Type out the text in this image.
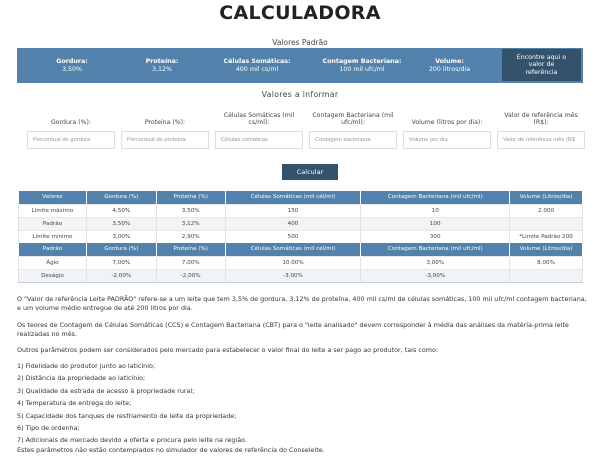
CALCULADORA
Valores Padrão
Gordura:
3,50%
Proteína:
3,12%
Células Somáticas:
400 mil cs/ml
Contagem Bacteriana:
100 mil ufc/ml
Volume:
200 litros/dia
Encontre aqui o valor de referência
Valores a informar
Gordura (%):
Percentual de gordura	Proteína (%):
Percentual de proteína
Células Somáticas (mil cs/ml):
Células somáticas
Contagem Bacteriana (mil ufc/ml):
Contagem bacteriana	Volume (litros por dia):
Volume por dia
Valor de referência mês (R$):
Valor de referência mês (R$
Calcular
Valores	Gordura (%)	Proteína (%)	Células Somáticas (mil cél/ml)	Contagem Bacteriana (mil ufc/ml)	Volume (Litros/dia)
Limite máximo	4,50%	3,50%	150	10	2.000
Padrão	3,50%	3,12%	400	100	
Limite mínimo	3,00%	2,90%	500	300	*Limite Padrão 200
Padrão	Gordura (%)	Proteína (%)	Células Somáticas (mil cél/ml)	Contagem Bacteriana (mil ufc/ml)	Volume (Litros/dia)
Ágio	7,00%	7,00%	10,00%	3,00%	8,00%
Deságio	-2,00%	-2,00%	-3,00%	-3,00%	

O "Valor de referência Leite PADRÃO" refere-se a um leite que tem 3,5% de gordura, 3,12% de proteína, 400 mil cs/ml de células somáticas, 100 mil ufc/ml contagem bacteriana, e um volume médio entregue de até 200 litros por dia.

Os teores de Contagem de Células Somáticas (CCS) e Contagem Bacteriana (CBT) para o "leite analisado" devem corresponder à média das análises da matéria-prima leite realizadas no mês.

Outros parâmetros podem ser considerados pelo mercado para estabelecer o valor final do leite a ser pago ao produtor, tais como:

1) Fidelidade do produtor junto ao laticínio;
2) Distância da propriedade ao laticínio;
3) Qualidade da estrada de acesso à propriedade rural;
4) Temperatura de entrega do leite;
5) Capacidade dos tanques de resfriamento de leite da propriedade;
6) Tipo de ordenha;
7) Adicionais de mercado devido a oferta e procura pelo leite na região.

Estes parâmetros não estão contemplados no simulador de valores de referência do Conseleite.
